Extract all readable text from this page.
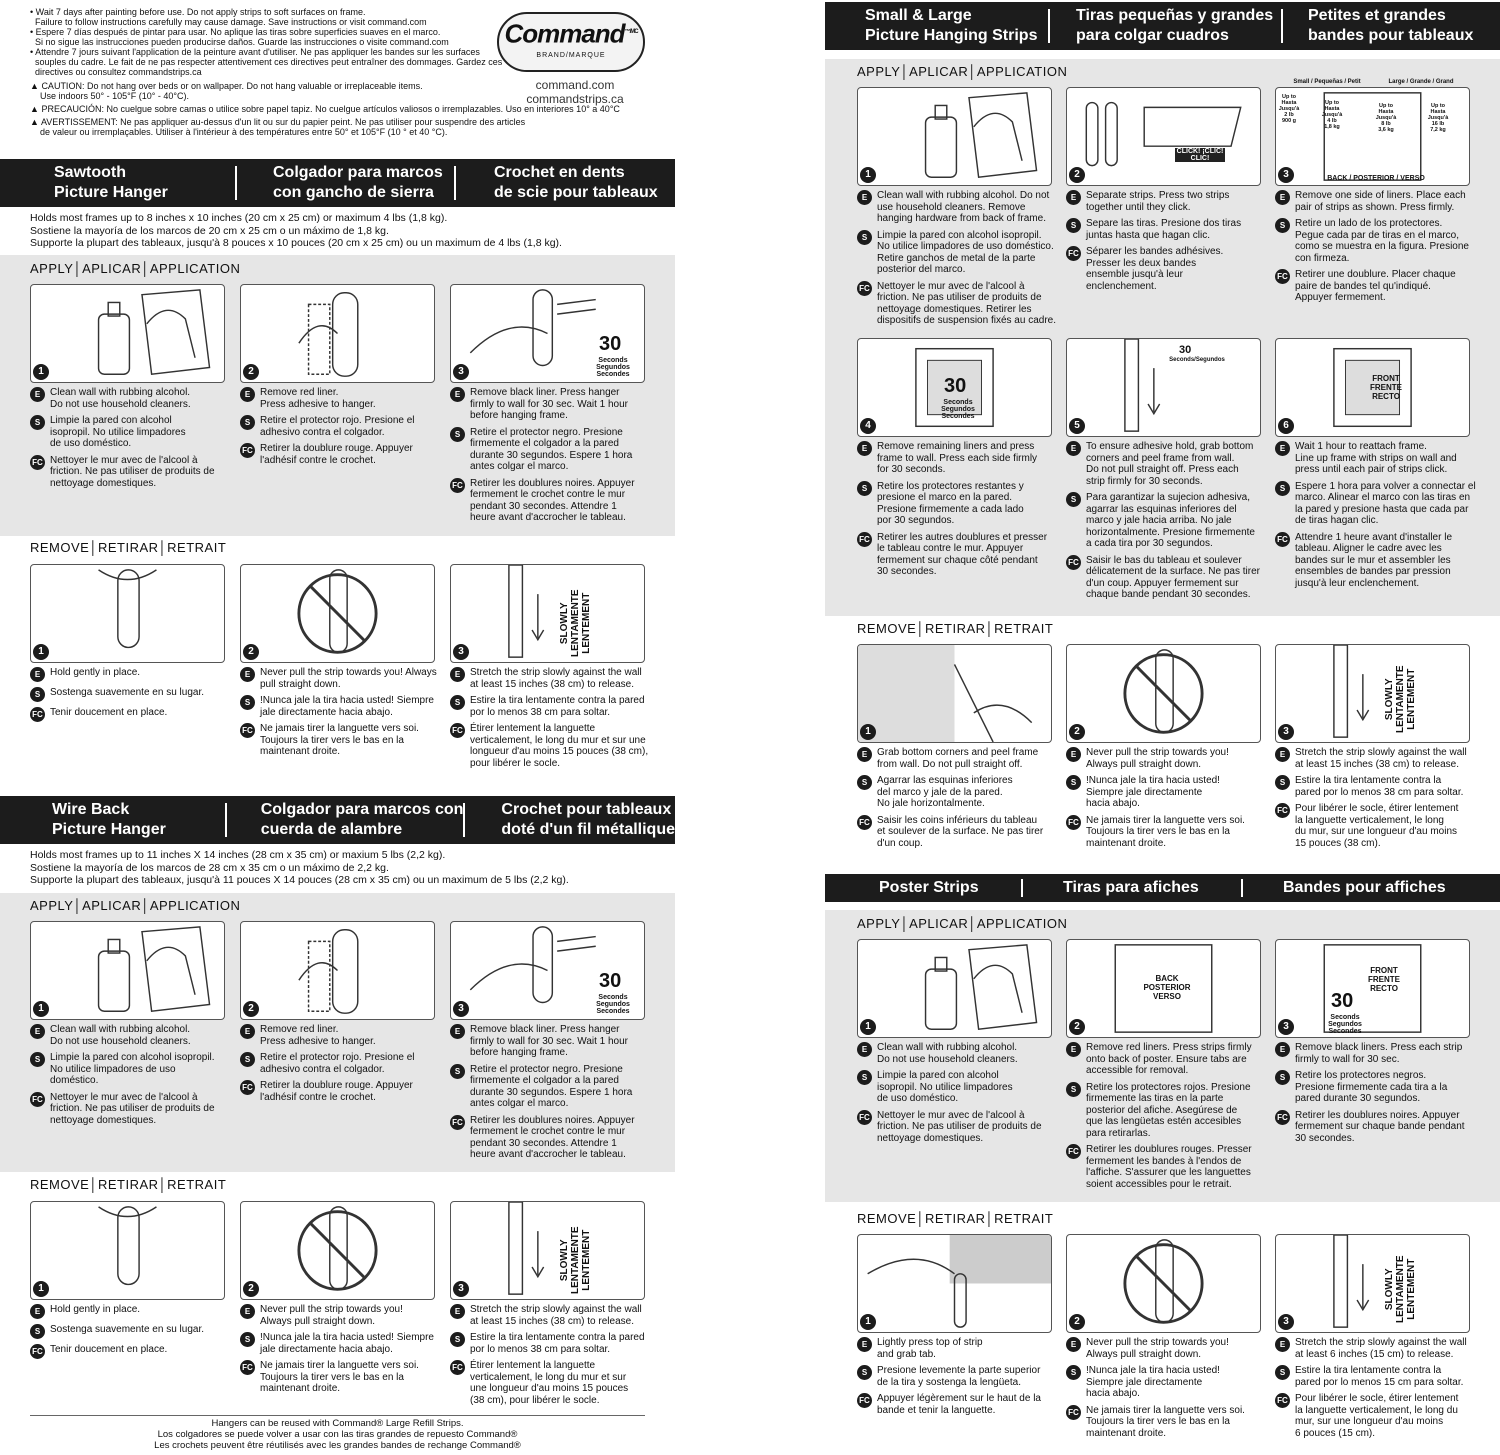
• Wait 7 days after painting before use. Do not apply strips to soft surfaces on frame.
Failure to follow instructions carefully may cause damage. Save instructions or visit command.com
• Espere 7 días después de pintar para usar. No aplique las tiras sobre superficies suaves en el marco.
Si no sigue las instrucciones pueden producirse daños. Guarde las instrucciones o visite command.com
• Attendre 7 jours suivant l'application de la peinture avant d'utiliser. Ne pas appliquer les bandes sur les surfaces
souples du cadre. Le fait de ne pas respecter attentivement ces directives peut entraîner des dommages. Gardez ces
directives ou consultez commandstrips.ca
▲ CAUTION: Do not hang over beds or on wallpaper. Do not hang valuable or irreplaceable items.
Use indoors 50° - 105°F (10° - 40°C).
▲ PRECAUCIÓN: No cuelgue sobre camas o utilice sobre papel tapiz. No cuelgue artículos valiosos o irremplazables. Uso en interiores 10° a 40°C
▲ AVERTISSEMENT: Ne pas appliquer au-dessus d'un lit ou sur du papier peint. Ne pas utiliser pour suspendre des articles
de valeur ou irremplaçables. Utiliser à l'intérieur à des températures entre 50° et 105°F (10 ° et 40 °C).
Command$^{™/MC}$
BRAND/MARQUE
command.com
commandstrips.ca
Sawtooth
Picture Hanger
Colgador para marcos
con gancho de sierra
Crochet en dents
de scie pour tableaux
Holds most frames up to 8 inches x 10 inches (20 cm x 25 cm) or maximum 4 lbs (1,8 kg).
Sostiene la mayoría de los marcos de 20 cm x 25 cm o un máximo de 1,8 kg.
Supporte la plupart des tableaux, jusqu'à 8 pouces x 10 pouces (20 cm x 25 cm) ou un maximum de 4 lbs (1,8 kg).
APPLY│APLICAR│APPLICATION
REMOVE│RETIRAR│RETRAIT
Wire Back
Picture Hanger
Colgador para marcos con
cuerda de alambre
Crochet pour tableaux
doté d'un fil métallique
Holds most frames up to 11 inches X 14 inches (28 cm x 35 cm) or maxium 5 lbs (2,2 kg).
Sostiene la mayoría de los marcos de 28 cm x 35 cm o un máximo de 2,2 kg.
Supporte la plupart des tableaux, jusqu'à 11 pouces X 14 pouces (28 cm x 35 cm) ou un maximum de 5 lbs (2,2 kg).
APPLY│APLICAR│APPLICATION
REMOVE│RETIRAR│RETRAIT
Hangers can be reused with Command® Large Refill Strips.
Los colgadores se puede volver a usar con las tiras grandes de repuesto Command®
Les crochets peuvent être réutilisés avec les grandes bandes de rechange Command®
Small & Large
Picture Hanging Strips
Tiras pequeñas y grandes
para colgar cuadros
Petites et grandes
bandes pour tableaux
APPLY│APLICAR│APPLICATION
REMOVE│RETIRAR│RETRAIT
Poster Strips	Tiras para afiches	Bandes pour affiches
APPLY│APLICAR│APPLICATION
REMOVE│RETIRAR│RETRAIT
1
E Clean wall with rubbing alcohol.
Do not use household cleaners.
S Limpie la pared con alcohol
isopropil. No utilice limpadores
de uso doméstico.
FC Nettoyer le mur avec de l'alcool à
friction. Ne pas utiliser de produits de
nettoyage domestiques.
2
E Remove red liner.
Press adhesive to hanger.
S Retire el protector rojo. Presione el
adhesivo contra el colgador.
FC Retirer la doublure rouge. Appuyer
l'adhésif contre le crochet.
30
Seconds
Segundos
Secondes
3
E Remove black liner. Press hanger
firmly to wall for 30 sec. Wait 1 hour
before hanging frame.
S Retire el protector negro. Presione
firmemente el colgador a la pared
durante 30 segundos. Espere 1 hora
antes colgar el marco.
FC Retirer les doublures noires. Appuyer
fermement le crochet contre le mur
pendant 30 secondes. Attendre 1
heure avant d'accrocher le tableau.
1
E Hold gently in place.
S Sostenga suavemente en su lugar.
FC Tenir doucement en place.
2
E Never pull the strip towards you! Always
pull straight down.
S !Nunca jale la tira hacia usted! Siempre
jale directamente hacia abajo.
FC Ne jamais tirer la languette vers soi.
Toujours la tirer vers le bas en la
maintenant droite.
SLOWLY
LENTAMENTE
LENTEMENT
3
E Stretch the strip slowly against the wall
at least 15 inches (38 cm) to release.
S Estire la tira lentamente contra la pared
por lo menos 38 cm para soltar.
FC Étirer lentement la languette
verticalement, le long du mur et sur une
longueur d'au moins 15 pouces (38 cm),
pour libérer le socle.
1
E Clean wall with rubbing alcohol.
Do not use household cleaners.
S Limpie la pared con alcohol isopropil.
No utilice limpadores de uso
doméstico.
FC Nettoyer le mur avec de l'alcool à
friction. Ne pas utiliser de produits de
nettoyage domestiques.
2
E Remove red liner.
Press adhesive to hanger.
S Retire el protector rojo. Presione el
adhesivo contra el colgador.
FC Retirer la doublure rouge. Appuyer
l'adhésif contre le crochet.
30
Seconds
Segundos
Secondes
3
E Remove black liner. Press hanger
firmly to wall for 30 sec. Wait 1 hour
before hanging frame.
S Retire el protector negro. Presione
firmemente el colgador a la pared
durante 30 segundos. Espere 1 hora
antes colgar el marco.
FC Retirer les doublures noires. Appuyer
fermement le crochet contre le mur
pendant 30 secondes. Attendre 1
heure avant d'accrocher le tableau.
1
E Hold gently in place.
S Sostenga suavemente en su lugar.
FC Tenir doucement en place.
2
E Never pull the strip towards you!
Always pull straight down.
S !Nunca jale la tira hacia usted! Siempre
jale directamente hacia abajo.
FC Ne jamais tirer la languette vers soi.
Toujours la tirer vers le bas en la
maintenant droite.
SLOWLY
LENTAMENTE
LENTEMENT
3
E Stretch the strip slowly against the wall
at least 15 inches (38 cm) to release.
S Estire la tira lentamente contra la pared
por lo menos 38 cm para soltar.
FC Étirer lentement la languette
verticalement, le long du mur et sur
une longueur d'au moins 15 pouces
(38 cm), pour libérer le socle.
1
E Clean wall with rubbing alcohol. Do not
use household cleaners. Remove
hanging hardware from back of frame.
S Limpie la pared con alcohol isopropil.
No utilice limpadores de uso doméstico.
Retire ganchos de metal de la parte
posterior del marco.
FC Nettoyer le mur avec de l'alcool à
friction. Ne pas utiliser de produits de
nettoyage domestiques. Retirer les
dispositifs de suspension fixés au cadre.
CLICK! ¡CLIC! CLIC!
2
E Separate strips. Press two strips
together until they click.
S Separe las tiras. Presione dos tiras
juntas hasta que hagan clic.
FC Séparer les bandes adhésives.
Presser les deux bandes
ensemble jusqu'à leur
enclenchement.
Small / Pequeñas / Petit	Large / Grande / Grand
Up to
Hasta
Jusqu'à
2 lb
900 g
Up to
Hasta
Jusqu'à
4 lb
1,8 kg
Up to
Hasta
Jusqu'à
8 lb
3,6 kg
Up to
Hasta
Jusqu'à
16 lb
7,2 kg
BACK / POSTERIOR / VERSO
3
E Remove one side of liners. Place each
pair of strips as shown. Press firmly.
S Retire un lado de los protectores.
Pegue cada par de tiras en el marco,
como se muestra en la figura. Presione
con firmeza.
FC Retirer une doublure. Placer chaque
paire de bandes tel qu'indiqué.
Appuyer fermement.
30
Seconds
Segundos
Secondes
4
E Remove remaining liners and press
frame to wall. Press each side firmly
for 30 seconds.
S Retire los protectores restantes y
presione el marco en la pared.
Presione firmemente a cada lado
por 30 segundos.
FC Retirer les autres doublures et presser
le tableau contre le mur. Appuyer
fermement sur chaque côté pendant
30 secondes.
30
Seconds/Segundos
5
E To ensure adhesive hold, grab bottom
corners and peel frame from wall.
Do not pull straight off. Press each
strip firmly for 30 seconds.
S Para garantizar la sujecion adhesiva,
agarrar las esquinas inferiores del
marco y jale hacia arriba. No jale
horizontalmente. Presione firmemente
a cada tira por 30 segundos.
FC Saisir le bas du tableau et soulever
délicatement de la surface. Ne pas tirer
d'un coup. Appuyer fermement sur
chaque bande pendant 30 secondes.
FRONT
FRENTE
RECTO
6
E Wait 1 hour to reattach frame.
Line up frame with strips on wall and
press until each pair of strips click.
S Espere 1 hora para volver a connectar el
marco. Alinear el marco con las tiras en
la pared y presione hasta que cada par
de tiras hagan clic.
FC Attendre 1 heure avant d'installer le
tableau. Aligner le cadre avec les
bandes sur le mur et assembler les
ensembles de bandes par pression
jusqu'à leur enclenchement.
1
E Grab bottom corners and peel frame
from wall. Do not pull straight off.
S Agarrar las esquinas inferiores
del marco y jale de la pared.
No jale horizontalmente.
FC Saisir les coins inférieurs du tableau
et soulever de la surface. Ne pas tirer
d'un coup.
2
E Never pull the strip towards you!
Always pull straight down.
S !Nunca jale la tira hacia usted!
Siempre jale directamente
hacia abajo.
FC Ne jamais tirer la languette vers soi.
Toujours la tirer vers le bas en la
maintenant droite.
SLOWLY
LENTAMENTE
LENTEMENT
3
E Stretch the strip slowly against the wall
at least 15 inches (38 cm) to release.
S Estire la tira lentamente contra la
pared por lo menos 38 cm para soltar.
FC Pour libérer le socle, étirer lentement
la languette verticalement, le long
du mur, sur une longueur d'au moins
15 pouces (38 cm).
1
E Clean wall with rubbing alcohol.
Do not use household cleaners.
S Limpie la pared con alcohol
isopropil. No utilice limpadores
de uso doméstico.
FC Nettoyer le mur avec de l'alcool à
friction. Ne pas utiliser de produits de
nettoyage domestiques.
BACK
POSTERIOR
VERSO
2
E Remove red liners. Press strips firmly
onto back of poster. Ensure tabs are
accessible for removal.
S Retire los protectores rojos. Presione
firmemente las tiras en la parte
posterior del afiche. Asegúrese de
que las lengüetas estén accesibles
para retirarlas.
FC Retirer les doublures rouges. Presser
fermement les bandes à l'endos de
l'affiche. S'assurer que les languettes
soient accessibles pour le retrait.
FRONT
FRENTE
RECTO
30
Seconds
Segundos
Secondes
3
E Remove black liners. Press each strip
firmly to wall for 30 sec.
S Retire los protectores negros.
Presione firmemente cada tira a la
pared durante 30 segundos.
FC Retirer les doublures noires. Appuyer
fermement sur chaque bande pendant
30 secondes.
1
E Lightly press top of strip
and grab tab.
S Presione levemente la parte superior
de la tira y sostenga la lengüeta.
FC Appuyer légèrement sur le haut de la
bande et tenir la languette.
2
E Never pull the strip towards you!
Always pull straight down.
S !Nunca jale la tira hacia usted!
Siempre jale directamente
hacia abajo.
FC Ne jamais tirer la languette vers soi.
Toujours la tirer vers le bas en la
maintenant droite.
SLOWLY
LENTAMENTE
LENTEMENT
3
E Stretch the strip slowly against the wall
at least 6 inches (15 cm) to release.
S Estire la tira lentamente contra la
pared por lo menos 15 cm para soltar.
FC Pour libérer le socle, étirer lentement
la languette verticalement, le long du
mur, sur une longueur d'au moins
6 pouces (15 cm).
